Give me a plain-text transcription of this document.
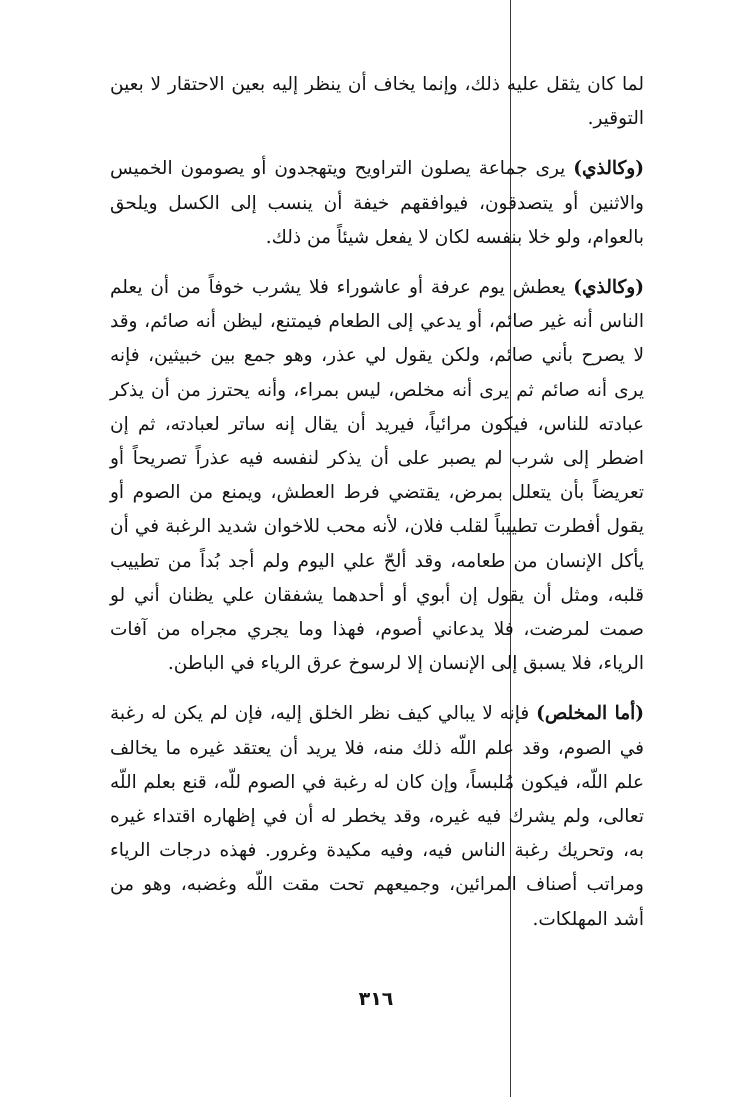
لما كان يثقل عليه ذلك، وإنما يخاف أن ينظر إليه بعين الاحتقار لا بعين التوقير.

(وكالذي) يرى جماعة يصلون التراويح ويتهجدون أو يصومون الخميس والاثنين أو يتصدقون، فيوافقهم خيفة أن ينسب إلى الكسل ويلحق بالعوام، ولو خلا بنفسه لكان لا يفعل شيئاً من ذلك.

(وكالذي) يعطش يوم عرفة أو عاشوراء فلا يشرب خوفاً من أن يعلم الناس أنه غير صائم، أو يدعي إلى الطعام فيمتنع، ليظن أنه صائم، وقد لا يصرح بأني صائم، ولكن يقول لي عذر، وهو جمع بين خبيثين، فإنه يرى أنه صائم ثم يرى أنه مخلص، ليس بمراء، وأنه يحترز من أن يذكر عبادته للناس، فيكون مرائياً، فيريد أن يقال إنه ساتر لعبادته، ثم إن اضطر إلى شرب لم يصبر على أن يذكر لنفسه فيه عذراً تصريحاً أو تعريضاً بأن يتعلل بمرض، يقتضي فرط العطش، ويمنع من الصوم أو يقول أفطرت تطييباً لقلب فلان، لأنه محب للاخوان شديد الرغبة في أن يأكل الإنسان من طعامه، وقد ألحّ علي اليوم ولم أجد بُداً من تطييب قلبه، ومثل أن يقول إن أبوي أو أحدهما يشفقان علي يظنان أني لو صمت لمرضت، فلا يدعاني أصوم، فهذا وما يجري مجراه من آفات الرياء، فلا يسبق إلى الإنسان إلا لرسوخ عرق الرياء في الباطن.

(أما المخلص) فإنه لا يبالي كيف نظر الخلق إليه، فإن لم يكن له رغبة في الصوم، وقد علم اللّه ذلك منه، فلا يريد أن يعتقد غيره ما يخالف علم اللّه، فيكون مُلبساً، وإن كان له رغبة في الصوم للّه، قنع بعلم اللّه تعالى، ولم يشرك فيه غيره، وقد يخطر له أن في إظهاره اقتداء غيره به، وتحريك رغبة الناس فيه، وفيه مكيدة وغرور. فهذه درجات الرياء ومراتب أصناف المرائين، وجميعهم تحت مقت اللّه وغضبه، وهو من أشد المهلكات.

٣١٦
